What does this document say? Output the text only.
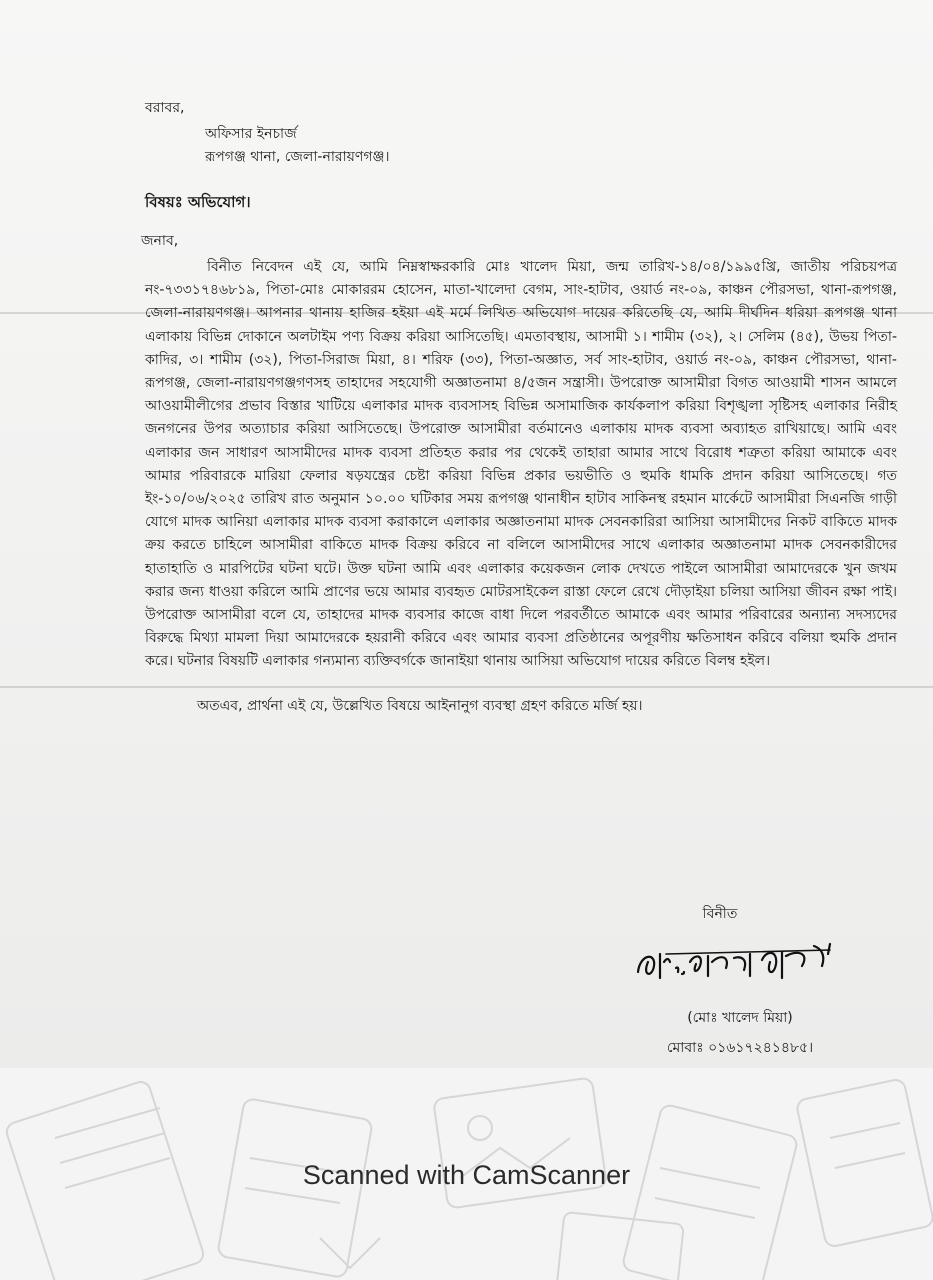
বরাবর,

অফিসার ইনচার্জ

রূপগঞ্জ থানা, জেলা-নারায়ণগঞ্জ।

বিষয়ঃ অভিযোগ।

জনাব,

বিনীত নিবেদন এই যে, আমি নিম্নস্বাক্ষরকারি মোঃ খালেদ মিয়া, জন্ম তারিখ-১৪/০৪/১৯৯৫খ্রি, জাতীয় পরিচয়পত্র নং-৭৩৩১৭৪৬৮১৯, পিতা-মোঃ মোকাররম হোসেন, মাতা-খালেদা বেগম, সাং-হাটাব, ওয়ার্ড নং-০৯, কাঞ্চন পৌরসভা, থানা-রূপগঞ্জ, জেলা-নারায়ণগঞ্জ। আপনার থানায় হাজির হইয়া এই মর্মে লিখিত অভিযোগ দায়ের করিতেছি যে, আমি দীর্ঘদিন ধরিয়া রূপগঞ্জ থানা এলাকায় বিভিন্ন দোকানে অলটাইম পণ্য বিক্রয় করিয়া আসিতেছি। এমতাবস্থায়, আসামী ১। শামীম (৩২), ২। সেলিম (৪৫), উভয় পিতা-কাদির, ৩। শামীম (৩২), পিতা-সিরাজ মিয়া, ৪। শরিফ (৩৩), পিতা-অজ্ঞাত, সর্ব সাং-হাটাব, ওয়ার্ড নং-০৯, কাঞ্চন পৌরসভা, থানা-রূপগঞ্জ, জেলা-নারায়ণগঞ্জগণসহ তাহাদের সহযোগী অজ্ঞাতনামা ৪/৫জন সন্ত্রাসী। উপরোক্ত আসামীরা বিগত আওয়ামী শাসন আমলে আওয়ামীলীগের প্রভাব বিস্তার খাটিয়ে এলাকার মাদক ব্যবসাসহ বিভিন্ন অসামাজিক কার্যকলাপ করিয়া বিশৃঙ্খলা সৃষ্টিসহ এলাকার নিরীহ জনগনের উপর অত্যাচার করিয়া আসিতেছে। উপরোক্ত আসামীরা বর্তমানেও এলাকায় মাদক ব্যবসা অব্যাহত রাখিয়াছে। আমি এবং এলাকার জন সাধারণ আসামীদের মাদক ব্যবসা প্রতিহত করার পর থেকেই তাহারা আমার সাথে বিরোধ শত্রুতা করিয়া আমাকে এবং আমার পরিবারকে মারিয়া ফেলার ষড়যন্ত্রের চেষ্টা করিয়া বিভিন্ন প্রকার ভয়ভীতি ও হুমকি ধামকি প্রদান করিয়া আসিতেছে। গত ইং-১০/০৬/২০২৫ তারিখ রাত অনুমান ১০.০০ ঘটিকার সময় রূপগঞ্জ থানাধীন হাটাব সাকিনস্থ রহমান মার্কেটে আসামীরা সিএনজি গাড়ী যোগে মাদক আনিয়া এলাকার মাদক ব্যবসা করাকালে এলাকার অজ্ঞাতনামা মাদক সেবনকারিরা আসিয়া আসামীদের নিকট বাকিতে মাদক ক্রয় করতে চাহিলে আসামীরা বাকিতে মাদক বিক্রয় করিবে না বলিলে আসামীদের সাথে এলাকার অজ্ঞাতনামা মাদক সেবনকারীদের হাতাহাতি ও মারপিটের ঘটনা ঘটে। উক্ত ঘটনা আমি এবং এলাকার কয়েকজন লোক দেখতে পাইলে আসামীরা আমাদেরকে খুন জখম করার জন্য ধাওয়া করিলে আমি প্রাণের ভয়ে আমার ব্যবহৃত মোটরসাইকেল রাস্তা ফেলে রেখে দৌড়াইয়া চলিয়া আসিয়া জীবন রক্ষা পাই। উপরোক্ত আসামীরা বলে যে, তাহাদের মাদক ব্যবসার কাজে বাধা দিলে পরবর্তীতে আমাকে এবং আমার পরিবারের অন্যান্য সদস্যদের বিরুদ্ধে মিথ্যা মামলা দিয়া আমাদেরকে হয়রানী করিবে এবং আমার ব্যবসা প্রতিষ্ঠানের অপূরণীয় ক্ষতিসাধন করিবে বলিয়া হুমকি প্রদান করে। ঘটনার বিষয়টি এলাকার গন্যমান্য ব্যক্তিবর্গকে জানাইয়া থানায় আসিয়া অভিযোগ দায়ের করিতে বিলম্ব হইল।

অতএব, প্রার্থনা এই যে, উল্লেখিত বিষয়ে আইনানুগ ব্যবস্থা গ্রহণ করিতে মর্জি হয়।

বিনীত
(মোঃ খালেদ মিয়া)
মোবাঃ ০১৬১৭২৪১৪৮৫।
Scanned with CamScanner
